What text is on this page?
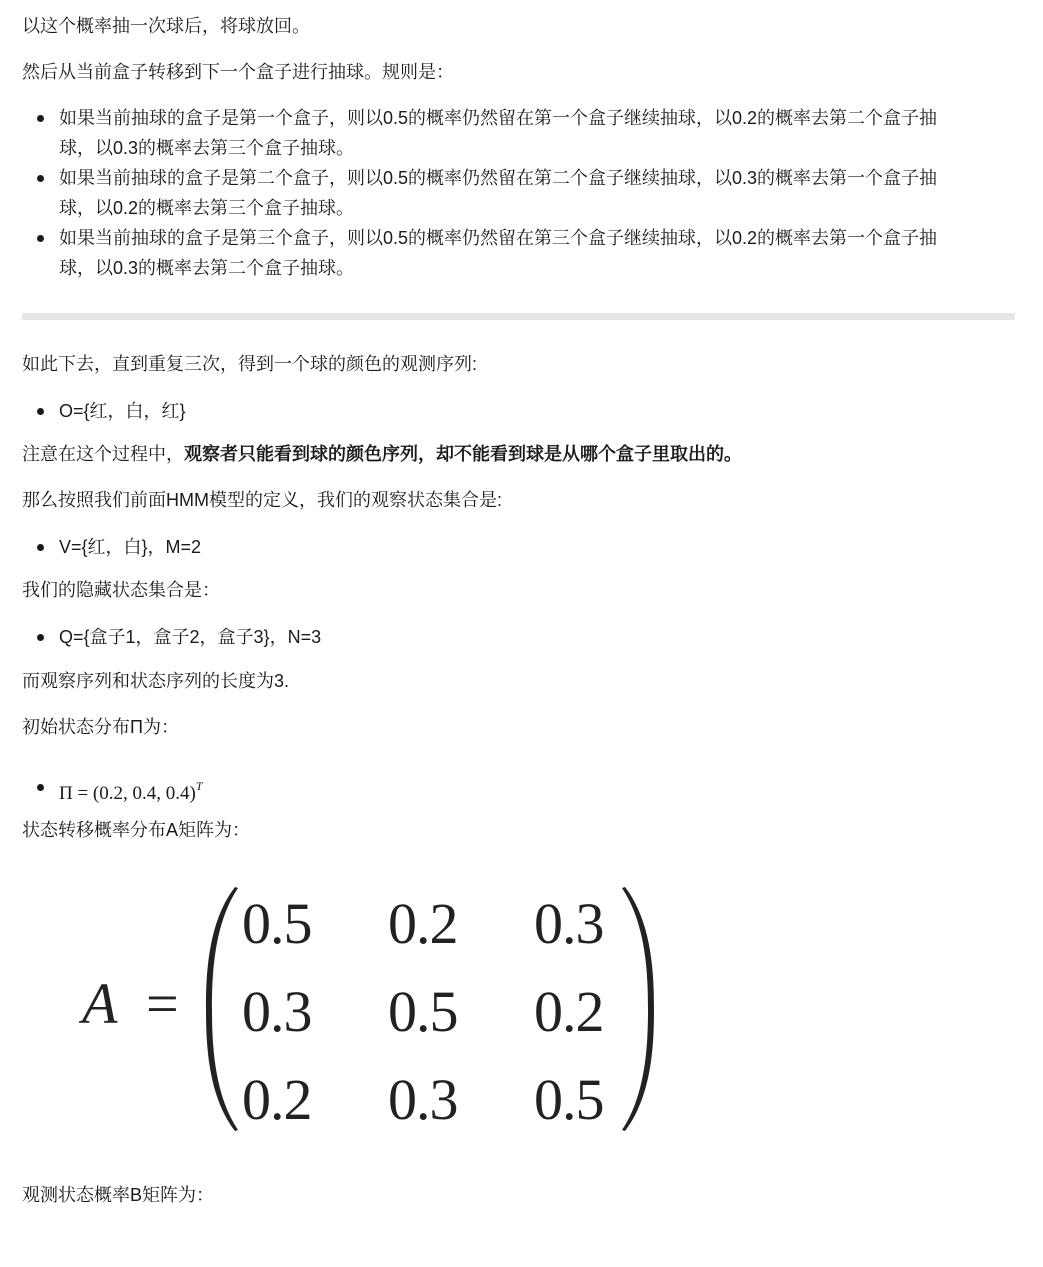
以这个概率抽一次球后，将球放回。

然后从当前盒子转移到下一个盒子进行抽球。规则是：

如果当前抽球的盒子是第一个盒子，则以0.5的概率仍然留在第一个盒子继续抽球，以0.2的概率去第二个盒子抽

球，以0.3的概率去第三个盒子抽球。

如果当前抽球的盒子是第二个盒子，则以0.5的概率仍然留在第二个盒子继续抽球，以0.3的概率去第一个盒子抽

球，以0.2的概率去第三个盒子抽球。

如果当前抽球的盒子是第三个盒子，则以0.5的概率仍然留在第三个盒子继续抽球，以0.2的概率去第一个盒子抽

球，以0.3的概率去第二个盒子抽球。

如此下去，直到重复三次，得到一个球的颜色的观测序列:

O={红，白，红}

注意在这个过程中，观察者只能看到球的颜色序列，却不能看到球是从哪个盒子里取出的。

那么按照我们前面HMM模型的定义，我们的观察状态集合是:

V={红，白}，M=2

我们的隐藏状态集合是：

Q={盒子1，盒子2，盒子3}，N=3

而观察序列和状态序列的长度为3.

初始状态分布Π为：

Π = (0.2, 0.4, 0.4)$^T$

状态转移概率分布A矩阵为：

A =
0.5 0.2 0.3
0.3 0.5 0.2
0.2 0.3 0.5

观测状态概率B矩阵为：
